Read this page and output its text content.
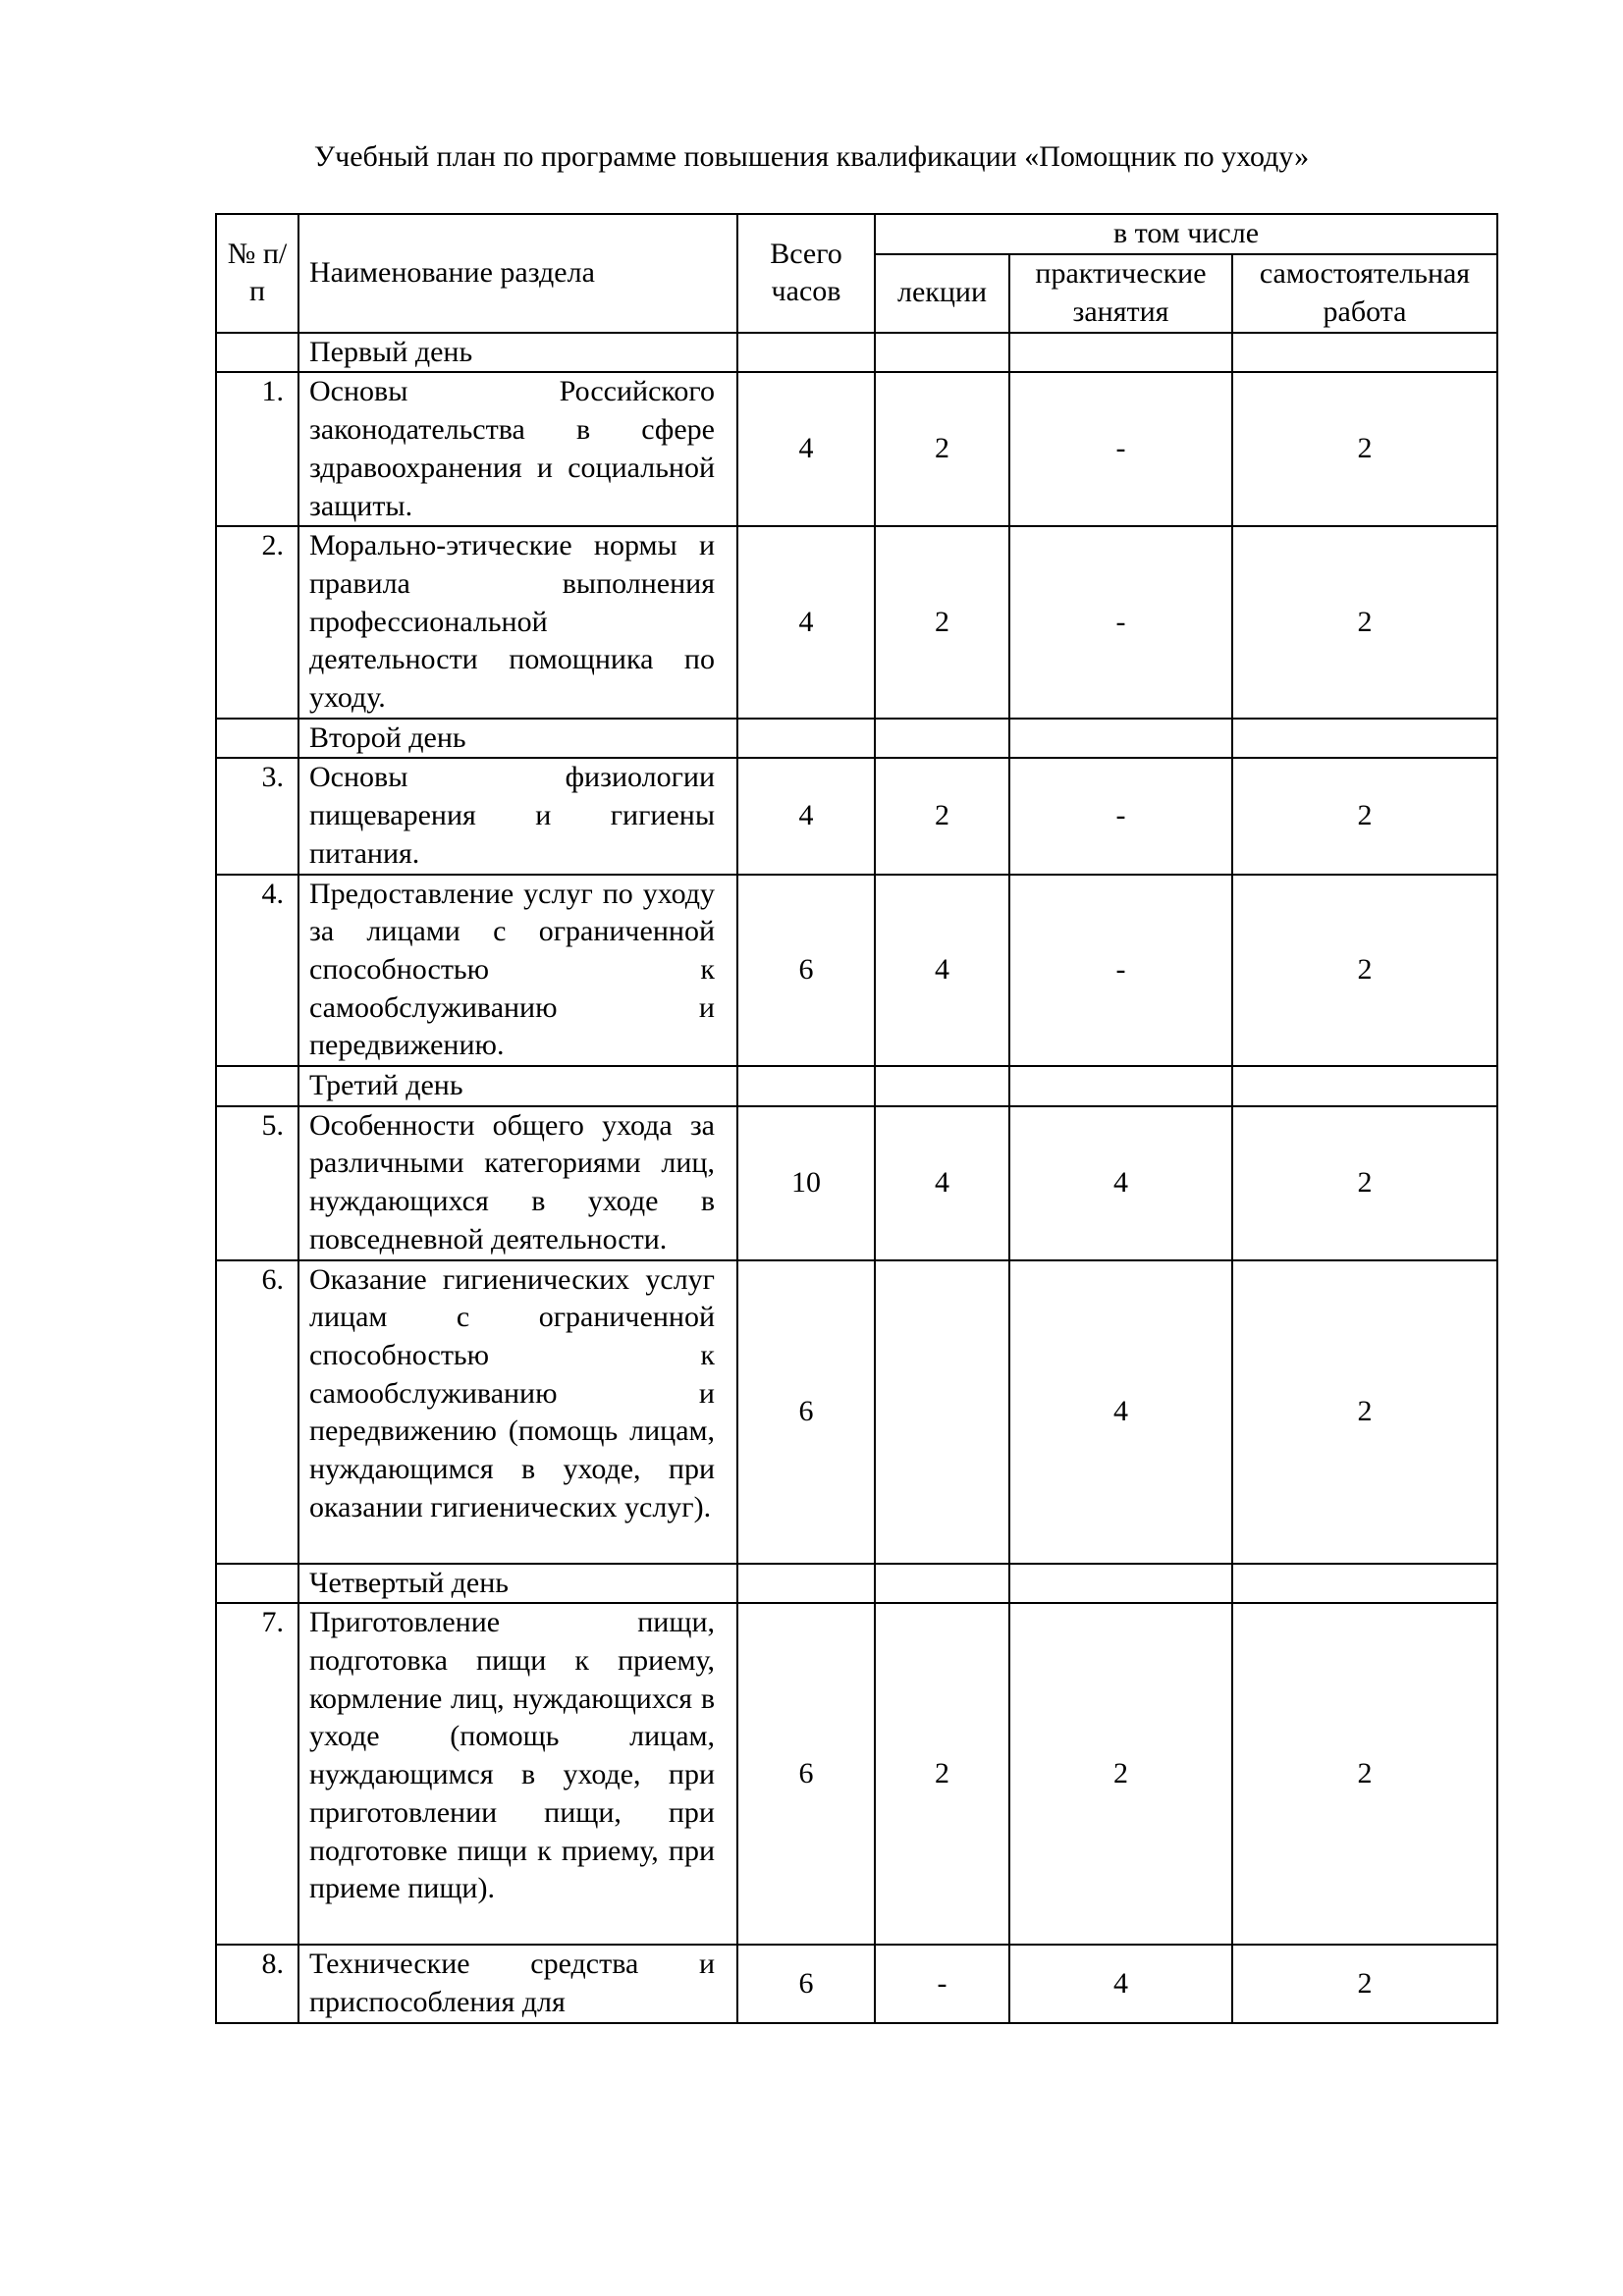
Учебный план по программе повышения квалификации «Помощник по уходу»
№ п/п	Наименование раздела	Всего часов	в том числе		
			лекции	практические занятия	самостоятельная работа
	Первый день				
1.	Основы Российского законодательства в сфере здравоохранения и социальной защиты.	4	2	-	2
2.	Морально-этические нормы и правила выполнения профессиональной деятельности помощника по уходу.	4	2	-	2
	Второй день				
3.	Основы физиологии пищеварения и гигиены питания.	4	2	-	2
4.	Предоставление услуг по уходу за лицами с ограниченной способностью к самообслуживанию и передвижению.	6	4	-	2
	Третий день				
5.	Особенности общего ухода за различными категориями лиц, нуждающихся в уходе в повседневной деятельности.	10	4	4	2
6.	Оказание гигиенических услуг лицам с ограниченной способностью к самообслуживанию и передвижению (помощь лицам, нуждающимся в уходе, при оказании гигиенических услуг).	6		4	2
	Четвертый день				
7.	Приготовление пищи, подготовка пищи к приему, кормление лиц, нуждающихся в уходе (помощь лицам, нуждающимся в уходе, при приготовлении пищи, при подготовке пищи к приему, при приеме пищи).	6	2	2	2
8.	Технические средства и приспособления для	6	-	4	2
